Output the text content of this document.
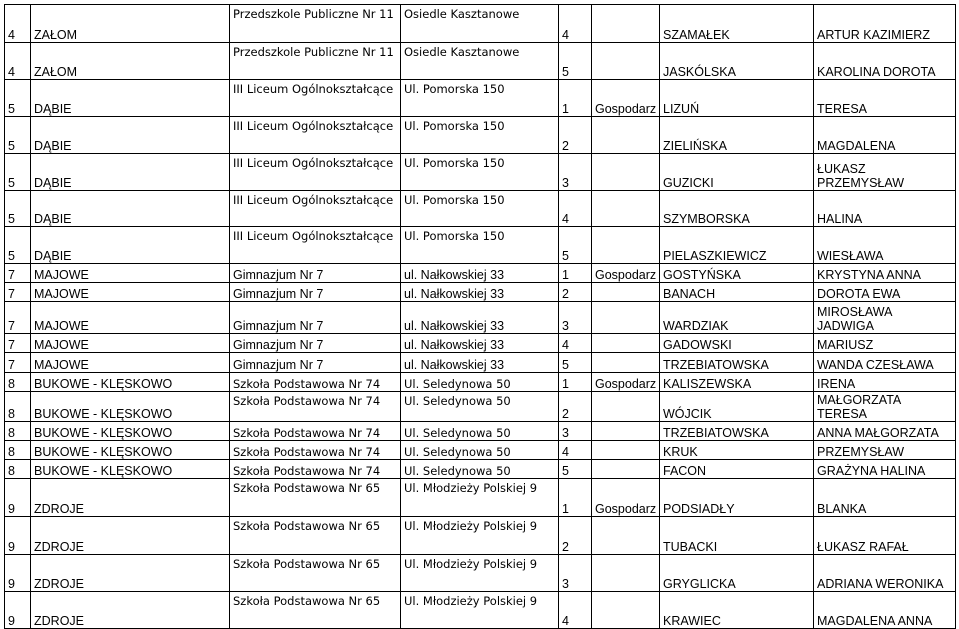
4	ZAŁOM	Przedszkole Publiczne Nr 11	Osiedle Kasztanowe	4		SZAMAŁEK	ARTUR KAZIMIERZ
4	ZAŁOM	Przedszkole Publiczne Nr 11	Osiedle Kasztanowe	5		JASKÓLSKA	KAROLINA DOROTA
5	DĄBIE	III Liceum Ogólnokształcące	Ul. Pomorska 150	1	Gospodarz	LIZUŃ	TERESA
5	DĄBIE	III Liceum Ogólnokształcące	Ul. Pomorska 150	2		ZIELIŃSKA	MAGDALENA
5	DĄBIE	III Liceum Ogólnokształcące	Ul. Pomorska 150	3		GUZICKI	ŁUKASZ PRZEMYSŁAW
5	DĄBIE	III Liceum Ogólnokształcące	Ul. Pomorska 150	4		SZYMBORSKA	HALINA
5	DĄBIE	III Liceum Ogólnokształcące	Ul. Pomorska 150	5		PIELASZKIEWICZ	WIESŁAWA
7	MAJOWE	Gimnazjum Nr 7	ul. Nałkowskiej 33	1	Gospodarz	GOSTYŃSKA	KRYSTYNA ANNA
7	MAJOWE	Gimnazjum Nr 7	ul. Nałkowskiej 33	2		BANACH	DOROTA EWA
7	MAJOWE	Gimnazjum Nr 7	ul. Nałkowskiej 33	3		WARDZIAK	MIROSŁAWA JADWIGA
7	MAJOWE	Gimnazjum Nr 7	ul. Nałkowskiej 33	4		GADOWSKI	MARIUSZ
7	MAJOWE	Gimnazjum Nr 7	ul. Nałkowskiej 33	5		TRZEBIATOWSKA	WANDA CZESŁAWA
8	BUKOWE - KLĘSKOWO	Szkoła Podstawowa Nr 74	Ul. Seledynowa 50	1	Gospodarz	KALISZEWSKA	IRENA
8	BUKOWE - KLĘSKOWO	Szkoła Podstawowa Nr 74	Ul. Seledynowa 50	2		WÓJCIK	MAŁGORZATA TERESA
8	BUKOWE - KLĘSKOWO	Szkoła Podstawowa Nr 74	Ul. Seledynowa 50	3		TRZEBIATOWSKA	ANNA MAŁGORZATA
8	BUKOWE - KLĘSKOWO	Szkoła Podstawowa Nr 74	Ul. Seledynowa 50	4		KRUK	PRZEMYSŁAW
8	BUKOWE - KLĘSKOWO	Szkoła Podstawowa Nr 74	Ul. Seledynowa 50	5		FACON	GRAŻYNA HALINA
9	ZDROJE	Szkoła Podstawowa Nr 65	Ul. Młodzieży Polskiej 9	1	Gospodarz	PODSIADŁY	BLANKA
9	ZDROJE	Szkoła Podstawowa Nr 65	Ul. Młodzieży Polskiej 9	2		TUBACKI	ŁUKASZ RAFAŁ
9	ZDROJE	Szkoła Podstawowa Nr 65	Ul. Młodzieży Polskiej 9	3		GRYGLICKA	ADRIANA WERONIKA
9	ZDROJE	Szkoła Podstawowa Nr 65	Ul. Młodzieży Polskiej 9	4		KRAWIEC	MAGDALENA ANNA
